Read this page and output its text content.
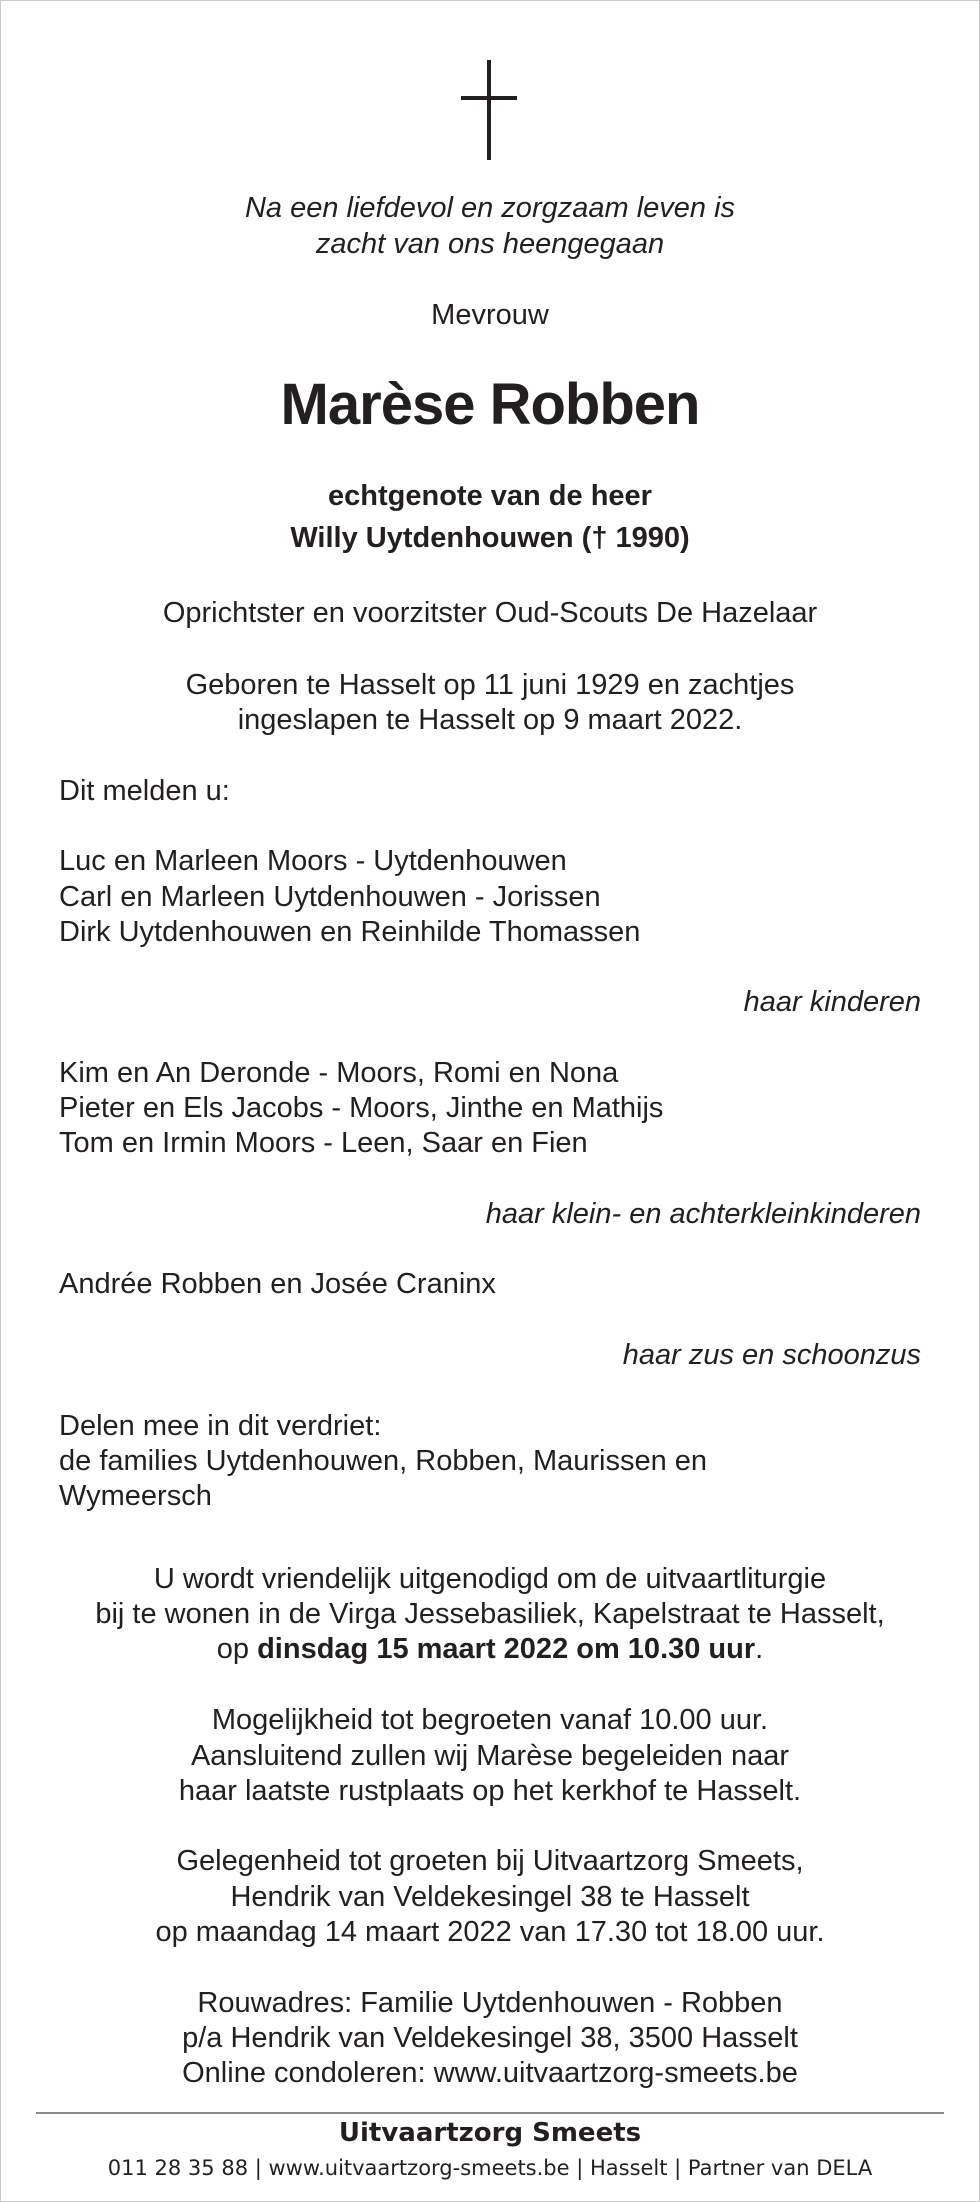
Na een liefdevol en zorgzaam leven is
zacht van ons heengegaan
Mevrouw
Marèse Robben
echtgenote van de heer
Willy Uytdenhouwen († 1990)
Oprichtster en voorzitster Oud-Scouts De Hazelaar
Geboren te Hasselt op 11 juni 1929 en zachtjes
ingeslapen te Hasselt op 9 maart 2022.
Dit melden u:
Luc en Marleen Moors - Uytdenhouwen
Carl en Marleen Uytdenhouwen - Jorissen
Dirk Uytdenhouwen en Reinhilde Thomassen
haar kinderen
Kim en An Deronde - Moors, Romi en Nona
Pieter en Els Jacobs - Moors, Jinthe en Mathijs
Tom en Irmin Moors - Leen, Saar en Fien
haar klein- en achterkleinkinderen
Andrée Robben en Josée Craninx
haar zus en schoonzus
Delen mee in dit verdriet:
de families Uytdenhouwen, Robben, Maurissen en
Wymeersch
U wordt vriendelijk uitgenodigd om de uitvaartliturgie
bij te wonen in de Virga Jessebasiliek, Kapelstraat te Hasselt,
op dinsdag 15 maart 2022 om 10.30 uur.
Mogelijkheid tot begroeten vanaf 10.00 uur.
Aansluitend zullen wij Marèse begeleiden naar
haar laatste rustplaats op het kerkhof te Hasselt.
Gelegenheid tot groeten bij Uitvaartzorg Smeets,
Hendrik van Veldekesingel 38 te Hasselt
op maandag 14 maart 2022 van 17.30 tot 18.00 uur.
Rouwadres: Familie Uytdenhouwen - Robben
p/a Hendrik van Veldekesingel 38, 3500 Hasselt
Online condoleren: www.uitvaartzorg-smeets.be
Uitvaartzorg Smeets
011 28 35 88 | www.uitvaartzorg-smeets.be | Hasselt | Partner van DELA
